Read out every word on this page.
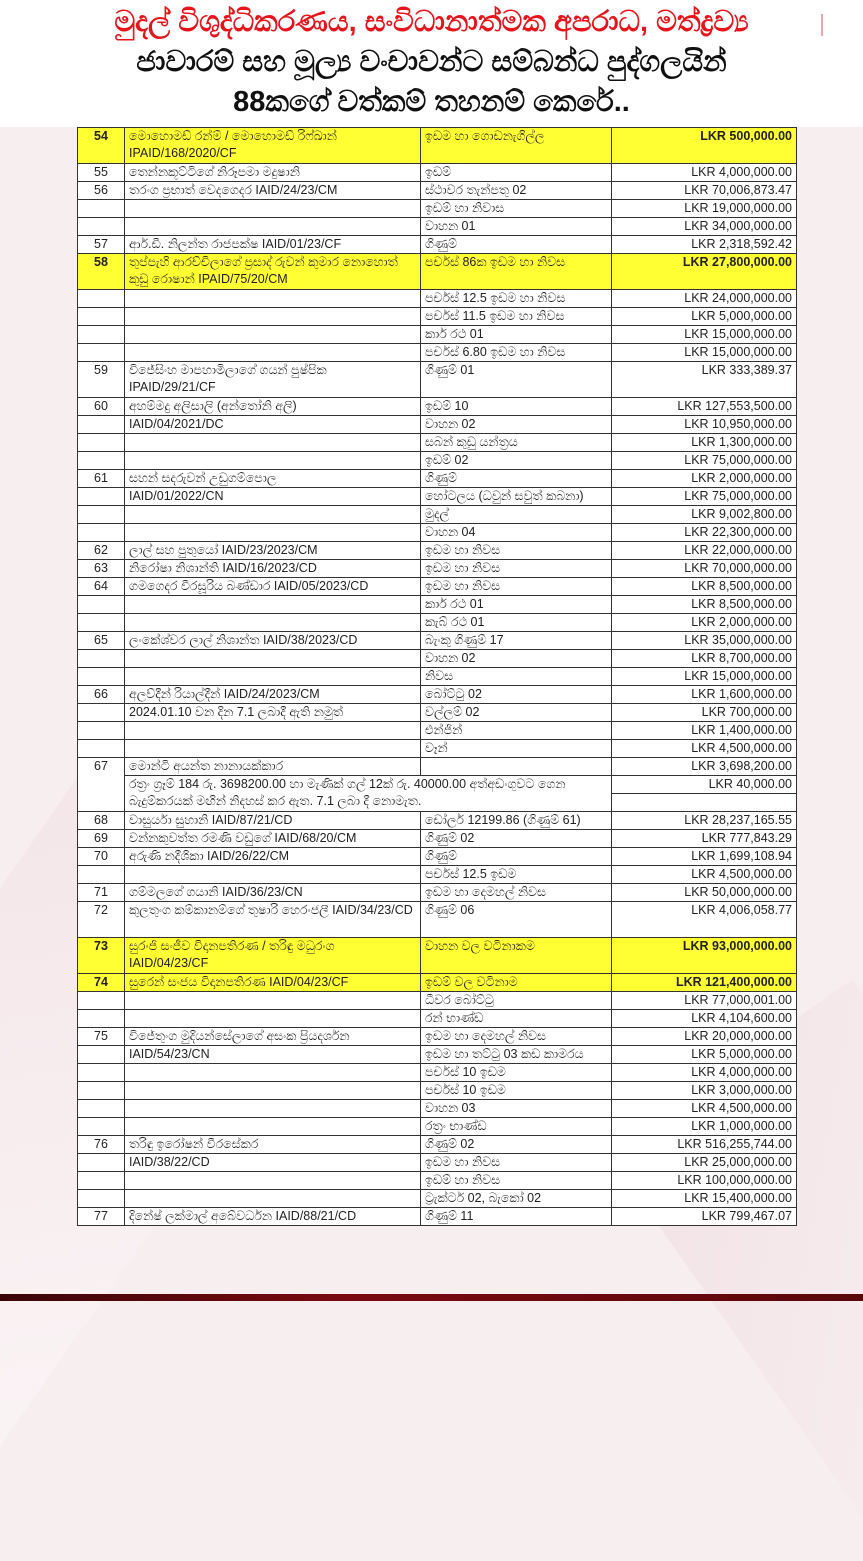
මුදල් විශුද්ධිකරණය, සංවිධානාත්මක අපරාධ, මත්ද්‍රව්‍ය
ජාවාරම් සහ මූල්‍ය වංචාවන්ට සම්බන්ධ පුද්ගලයින්
88කගේ වත්කම් තහනම් කෙරේ..
54	මොහොමඩ් රන්ම් / මොහොමඩ් රිෆ්ඛාන් IPAID/168/2020/CF	ඉඩම හා ගොඩනැගිල්ල	LKR 500,000.00
55	තෙන්නකූට්ටිගේ නිරූපමා මදුෂානි	ඉඩම්	LKR 4,000,000.00
56	තරංග ප්‍රභාත් වෙදගෙදර IAID/24/23/CM	ස්ථාවර තැන්පතු 02	LKR 70,006,873.47
		ඉඩම් හා නිවාස	LKR 19,000,000.00
		වාහන 01	LKR 34,000,000.00
57	ආර්.ඩී. නිලන්ත රාජපක්ෂ IAID/01/23/CF	ගිණුම්	LKR 2,318,592.42
58	තුප්පැහි ආරච්චිලාගේ ප්‍රසාද් රුවන් කුමාර නොහොත් කුඩු රොෂාන් IPAID/75/20/CM	පර්චස් 86ක ඉඩම හා නිවස	LKR 27,800,000.00
		පර්චස් 12.5 ඉඩම හා නිවස	LKR 24,000,000.00
		පර්චස් 11.5 ඉඩම හා නිවස	LKR 5,000,000.00
		කාර් රථ 01	LKR 15,000,000.00
		පර්චස් 6.80 ඉඩම හා නිවස	LKR 15,000,000.00
59	විජේසිංහ මාපහාමිලාගේ ගයන් පුෂ්පික IPAID/29/21/CF	ගිණුම් 01	LKR 333,389.37
60	අහම්මදු අලිසාලි (අන්තෝනි අලි)	ඉඩම් 10	LKR 127,553,500.00
	IAID/04/2021/DC	වාහන 02	LKR 10,950,000.00
		සබන් කුඩු යන්ත්‍රය	LKR 1,300,000.00
		ඉඩම් 02	LKR 75,000,000.00
61	සහන් සදරුවන් උඩුගම්පොල	ගිණුම්	LKR 2,000,000.00
	IAID/01/2022/CN	හෝටලය (ධවුන් සවුත් කබනා)	LKR 75,000,000.00
		මුදල්	LKR 9,002,800.00
		වාහන 04	LKR 22,300,000.00
62	ලාල් සහ පුතුයෝ IAID/23/2023/CM	ඉඩම හා නිවස	LKR 22,000,000.00
63	නිරෝෂා නිශාන්ති IAID/16/2023/CD	ඉඩම හා නිවස	LKR 70,000,000.00
64	ගමගෙදර වීරසූරිය බණ්ඩාර IAID/05/2023/CD	ඉඩම හා නිවස	LKR 8,500,000.00
		කාර් රථ 01	LKR 8,500,000.00
		කැබ් රථ 01	LKR 2,000,000.00
65	ලංකේශ්වර ලාල් නිශාන්ත IAID/38/2023/CD	බැංකු ගිණුම් 17	LKR 35,000,000.00
		වාහන 02	LKR 8,700,000.00
		නිවස	LKR 15,000,000.00
66	අලව්දීන් රියාල්දීන් IAID/24/2023/CM	බෝට්ටු 02	LKR 1,600,000.00
	2024.01.10 වන දින 7.1 ලබාදී ඇති නමුත්	වල්ලම් 02	LKR 700,000.00
		එන්ජින්	LKR 1,400,000.00
		වෑන්	LKR 4,500,000.00
67	මොන්ටි අයන්ත නානායක්කාර		LKR 3,698,200.00
	රත්‍රං ග්‍රෑම් 184 රු. 3698200.00 හා මැණික් ගල් 12ක් රු. 40000.00 අත්අඩංගුවට ගෙන බැදුම්කරයක් මඟින් නිදහස් කර ඇත. 7.1 ලබා දී නොමැත.		LKR 40,000.00

68	වාසුර්යා සුහානි IAID/87/21/CD	ඩෝලර් 12199.86 (ගිණුම් 61)	LKR 28,237,165.55
69	වන්නකුවත්ත රමණි වඩුගේ IAID/68/20/CM	ගිණුම් 02	LKR 777,843.29
70	අරුණි නදීශිකා IAID/26/22/CM	ගිණුම්	LKR 1,699,108.94
		පර්චස් 12.5 ඉඩම	LKR 4,500,000.00
71	ගම්මලගේ ගයානි IAID/36/23/CN	ඉඩම හා දෙමහල් නිවස	LKR 50,000,000.00
72	කුලතුංග කම්කානම්ගේ තුෂාරි හෙරංජලී IAID/34/23/CD	ගිණුම් 06	LKR 4,006,058.77
73	සුරංජි සංජීව විදානපතිරණ / තරිඳු මධුරංග IAID/04/23/CF	වාහන වල වටිනාකම	LKR 93,000,000.00
74	සුරෙන් සංජය විදානපතිරණ IAID/04/23/CF	ඉඩම් වල වටිනාම	LKR 121,400,000.00
		ධීවර බෝට්ටු	LKR 77,000,001.00
		රන් භාණ්ඩ	LKR 4,104,600.00
75	විජේතුංග මුදියන්සේලාගේ අසංක ප්‍රියදර්ශන	ඉඩම හා දෙමහල් නිවස	LKR 20,000,000.00
	IAID/54/23/CN	ඉඩම හා තට්ටු 03 කඩ කාමරය	LKR 5,000,000.00
		පර්චස් 10 ඉඩම	LKR 4,000,000.00
		පර්චස් 10 ඉඩම	LKR 3,000,000.00
		වාහන 03	LKR 4,500,000.00
		රත්‍රං භාණ්ඩ	LKR 1,000,000.00
76	තරිඳු ඉරෝෂන් වීරසේකර	ගිණුම් 02	LKR 516,255,744.00
	IAID/38/22/CD	ඉඩම හා නිවස	LKR 25,000,000.00
		ඉඩම් හා නිවස	LKR 100,000,000.00
		ට්‍රැක්ටර් 02, බැකෝ 02	LKR 15,400,000.00
77	දිනේෂ් ලක්මාල් අබේවර්ධන IAID/88/21/CD	ගිණුම් 11	LKR 799,467.07
